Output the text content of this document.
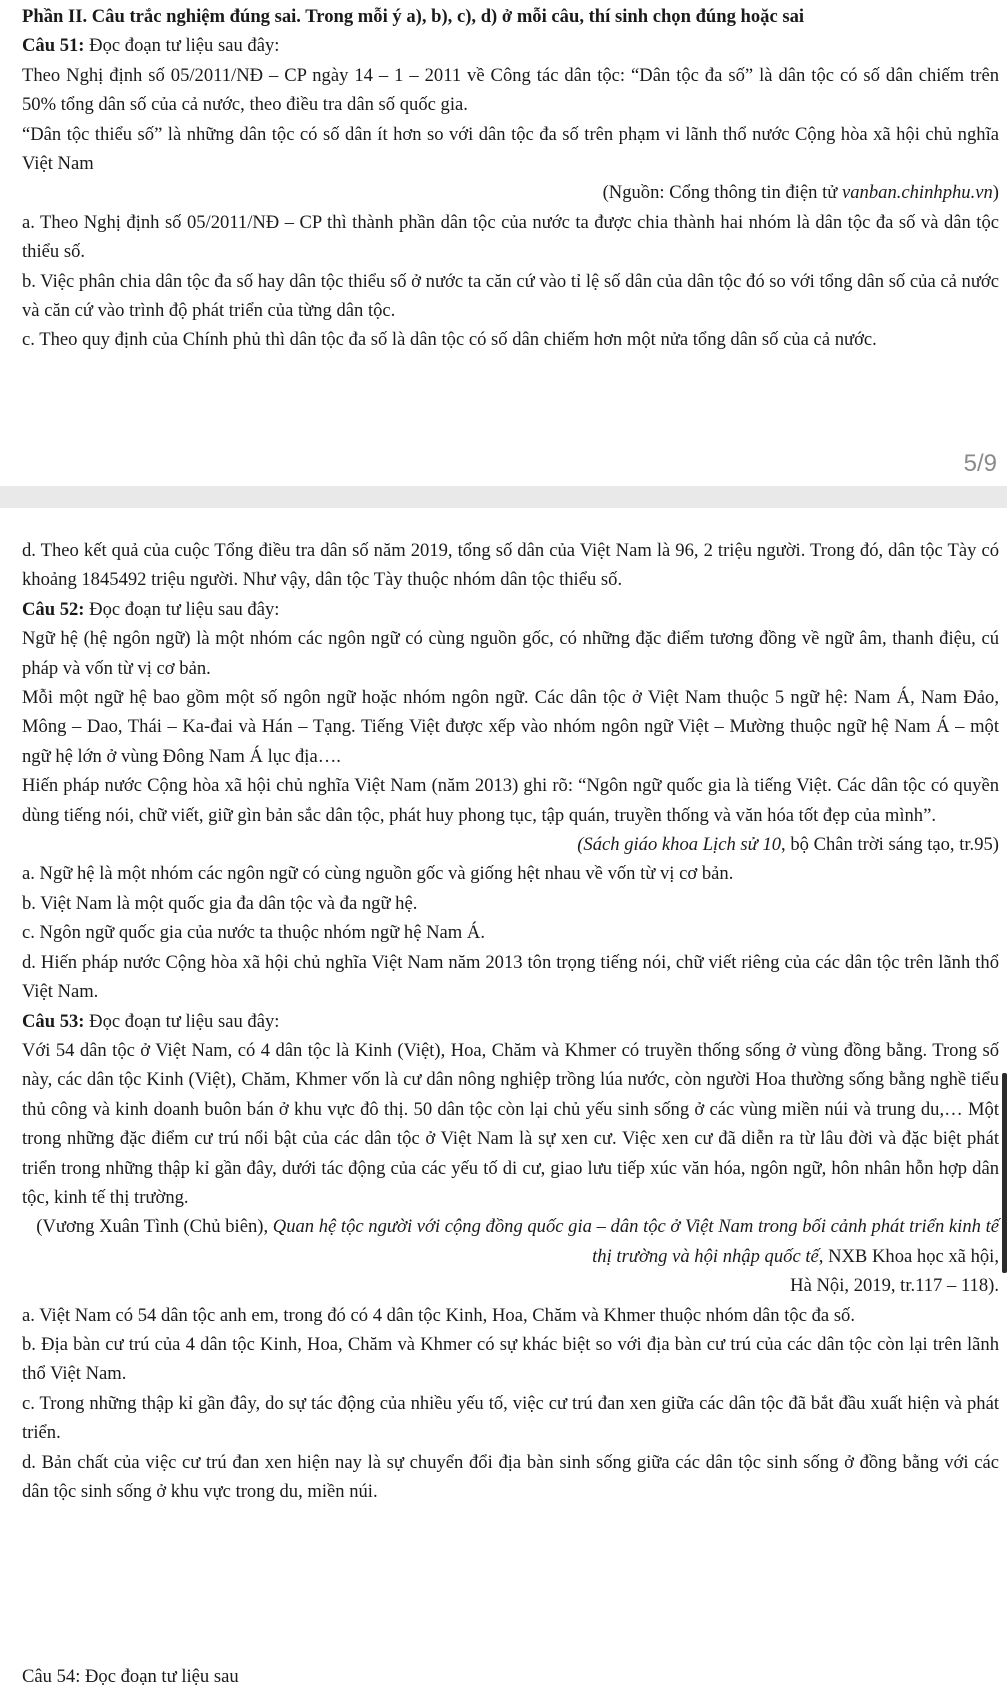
Phần II. Câu trắc nghiệm đúng sai. Trong mỗi ý a), b), c), d) ở mỗi câu, thí sinh chọn đúng hoặc sai

Câu 51: Đọc đoạn tư liệu sau đây:

Theo Nghị định số 05/2011/NĐ – CP ngày 14 – 1 – 2011 về Công tác dân tộc: “Dân tộc đa số” là dân tộc có số dân chiếm trên 50% tổng dân số của cả nước, theo điều tra dân số quốc gia.

“Dân tộc thiểu số” là những dân tộc có số dân ít hơn so với dân tộc đa số trên phạm vi lãnh thổ nước Cộng hòa xã hội chủ nghĩa Việt Nam

(Nguồn: Cổng thông tin điện tử vanban.chinhphu.vn)

a. Theo Nghị định số 05/2011/NĐ – CP thì thành phần dân tộc của nước ta được chia thành hai nhóm là dân tộc đa số và dân tộc thiểu số.

b. Việc phân chia dân tộc đa số hay dân tộc thiểu số ở nước ta căn cứ vào tỉ lệ số dân của dân tộc đó so với tổng dân số của cả nước và căn cứ vào trình độ phát triển của từng dân tộc.

c. Theo quy định của Chính phủ thì dân tộc đa số là dân tộc có số dân chiếm hơn một nửa tổng dân số của cả nước.

5/9

d. Theo kết quả của cuộc Tổng điều tra dân số năm 2019, tổng số dân của Việt Nam là 96, 2 triệu người. Trong đó, dân tộc Tày có khoảng 1845492 triệu người. Như vậy, dân tộc Tày thuộc nhóm dân tộc thiểu số.

Câu 52: Đọc đoạn tư liệu sau đây:

Ngữ hệ (hệ ngôn ngữ) là một nhóm các ngôn ngữ có cùng nguồn gốc, có những đặc điểm tương đồng về ngữ âm, thanh điệu, cú pháp và vốn từ vị cơ bản.

Mỗi một ngữ hệ bao gồm một số ngôn ngữ hoặc nhóm ngôn ngữ. Các dân tộc ở Việt Nam thuộc 5 ngữ hệ: Nam Á, Nam Đảo, Mông – Dao, Thái – Ka-đai và Hán – Tạng. Tiếng Việt được xếp vào nhóm ngôn ngữ Việt – Mường thuộc ngữ hệ Nam Á – một ngữ hệ lớn ở vùng Đông Nam Á lục địa….

Hiến pháp nước Cộng hòa xã hội chủ nghĩa Việt Nam (năm 2013) ghi rõ: “Ngôn ngữ quốc gia là tiếng Việt. Các dân tộc có quyền dùng tiếng nói, chữ viết, giữ gìn bản sắc dân tộc, phát huy phong tục, tập quán, truyền thống và văn hóa tốt đẹp của mình”.

(Sách giáo khoa Lịch sử 10, bộ Chân trời sáng tạo, tr.95)

a. Ngữ hệ là một nhóm các ngôn ngữ có cùng nguồn gốc và giống hệt nhau về vốn từ vị cơ bản.

b. Việt Nam là một quốc gia đa dân tộc và đa ngữ hệ.

c. Ngôn ngữ quốc gia của nước ta thuộc nhóm ngữ hệ Nam Á.

d. Hiến pháp nước Cộng hòa xã hội chủ nghĩa Việt Nam năm 2013 tôn trọng tiếng nói, chữ viết riêng của các dân tộc trên lãnh thổ Việt Nam.

Câu 53: Đọc đoạn tư liệu sau đây:

Với 54 dân tộc ở Việt Nam, có 4 dân tộc là Kinh (Việt), Hoa, Chăm và Khmer có truyền thống sống ở vùng đồng bằng. Trong số này, các dân tộc Kinh (Việt), Chăm, Khmer vốn là cư dân nông nghiệp trồng lúa nước, còn người Hoa thường sống bằng nghề tiểu thủ công và kinh doanh buôn bán ở khu vực đô thị. 50 dân tộc còn lại chủ yếu sinh sống ở các vùng miền núi và trung du,… Một trong những đặc điểm cư trú nổi bật của các dân tộc ở Việt Nam là sự xen cư. Việc xen cư đã diễn ra từ lâu đời và đặc biệt phát triển trong những thập kỉ gần đây, dưới tác động của các yếu tố di cư, giao lưu tiếp xúc văn hóa, ngôn ngữ, hôn nhân hỗn hợp dân tộc, kinh tế thị trường.

(Vương Xuân Tình (Chủ biên), Quan hệ tộc người với cộng đồng quốc gia – dân tộc ở Việt Nam trong bối cảnh phát triển kinh tế thị trường và hội nhập quốc tế, NXB Khoa học xã hội,
Hà Nội, 2019, tr.117 – 118).

a. Việt Nam có 54 dân tộc anh em, trong đó có 4 dân tộc Kinh, Hoa, Chăm và Khmer thuộc nhóm dân tộc đa số.

b. Địa bàn cư trú của 4 dân tộc Kinh, Hoa, Chăm và Khmer có sự khác biệt so với địa bàn cư trú của các dân tộc còn lại trên lãnh thổ Việt Nam.

c. Trong những thập kỉ gần đây, do sự tác động của nhiều yếu tố, việc cư trú đan xen giữa các dân tộc đã bắt đầu xuất hiện và phát triển.

d. Bản chất của việc cư trú đan xen hiện nay là sự chuyển đổi địa bàn sinh sống giữa các dân tộc sinh sống ở đồng bằng với các dân tộc sinh sống ở khu vực trong du, miền núi.

Câu 54: Đọc đoạn tư liệu sau
